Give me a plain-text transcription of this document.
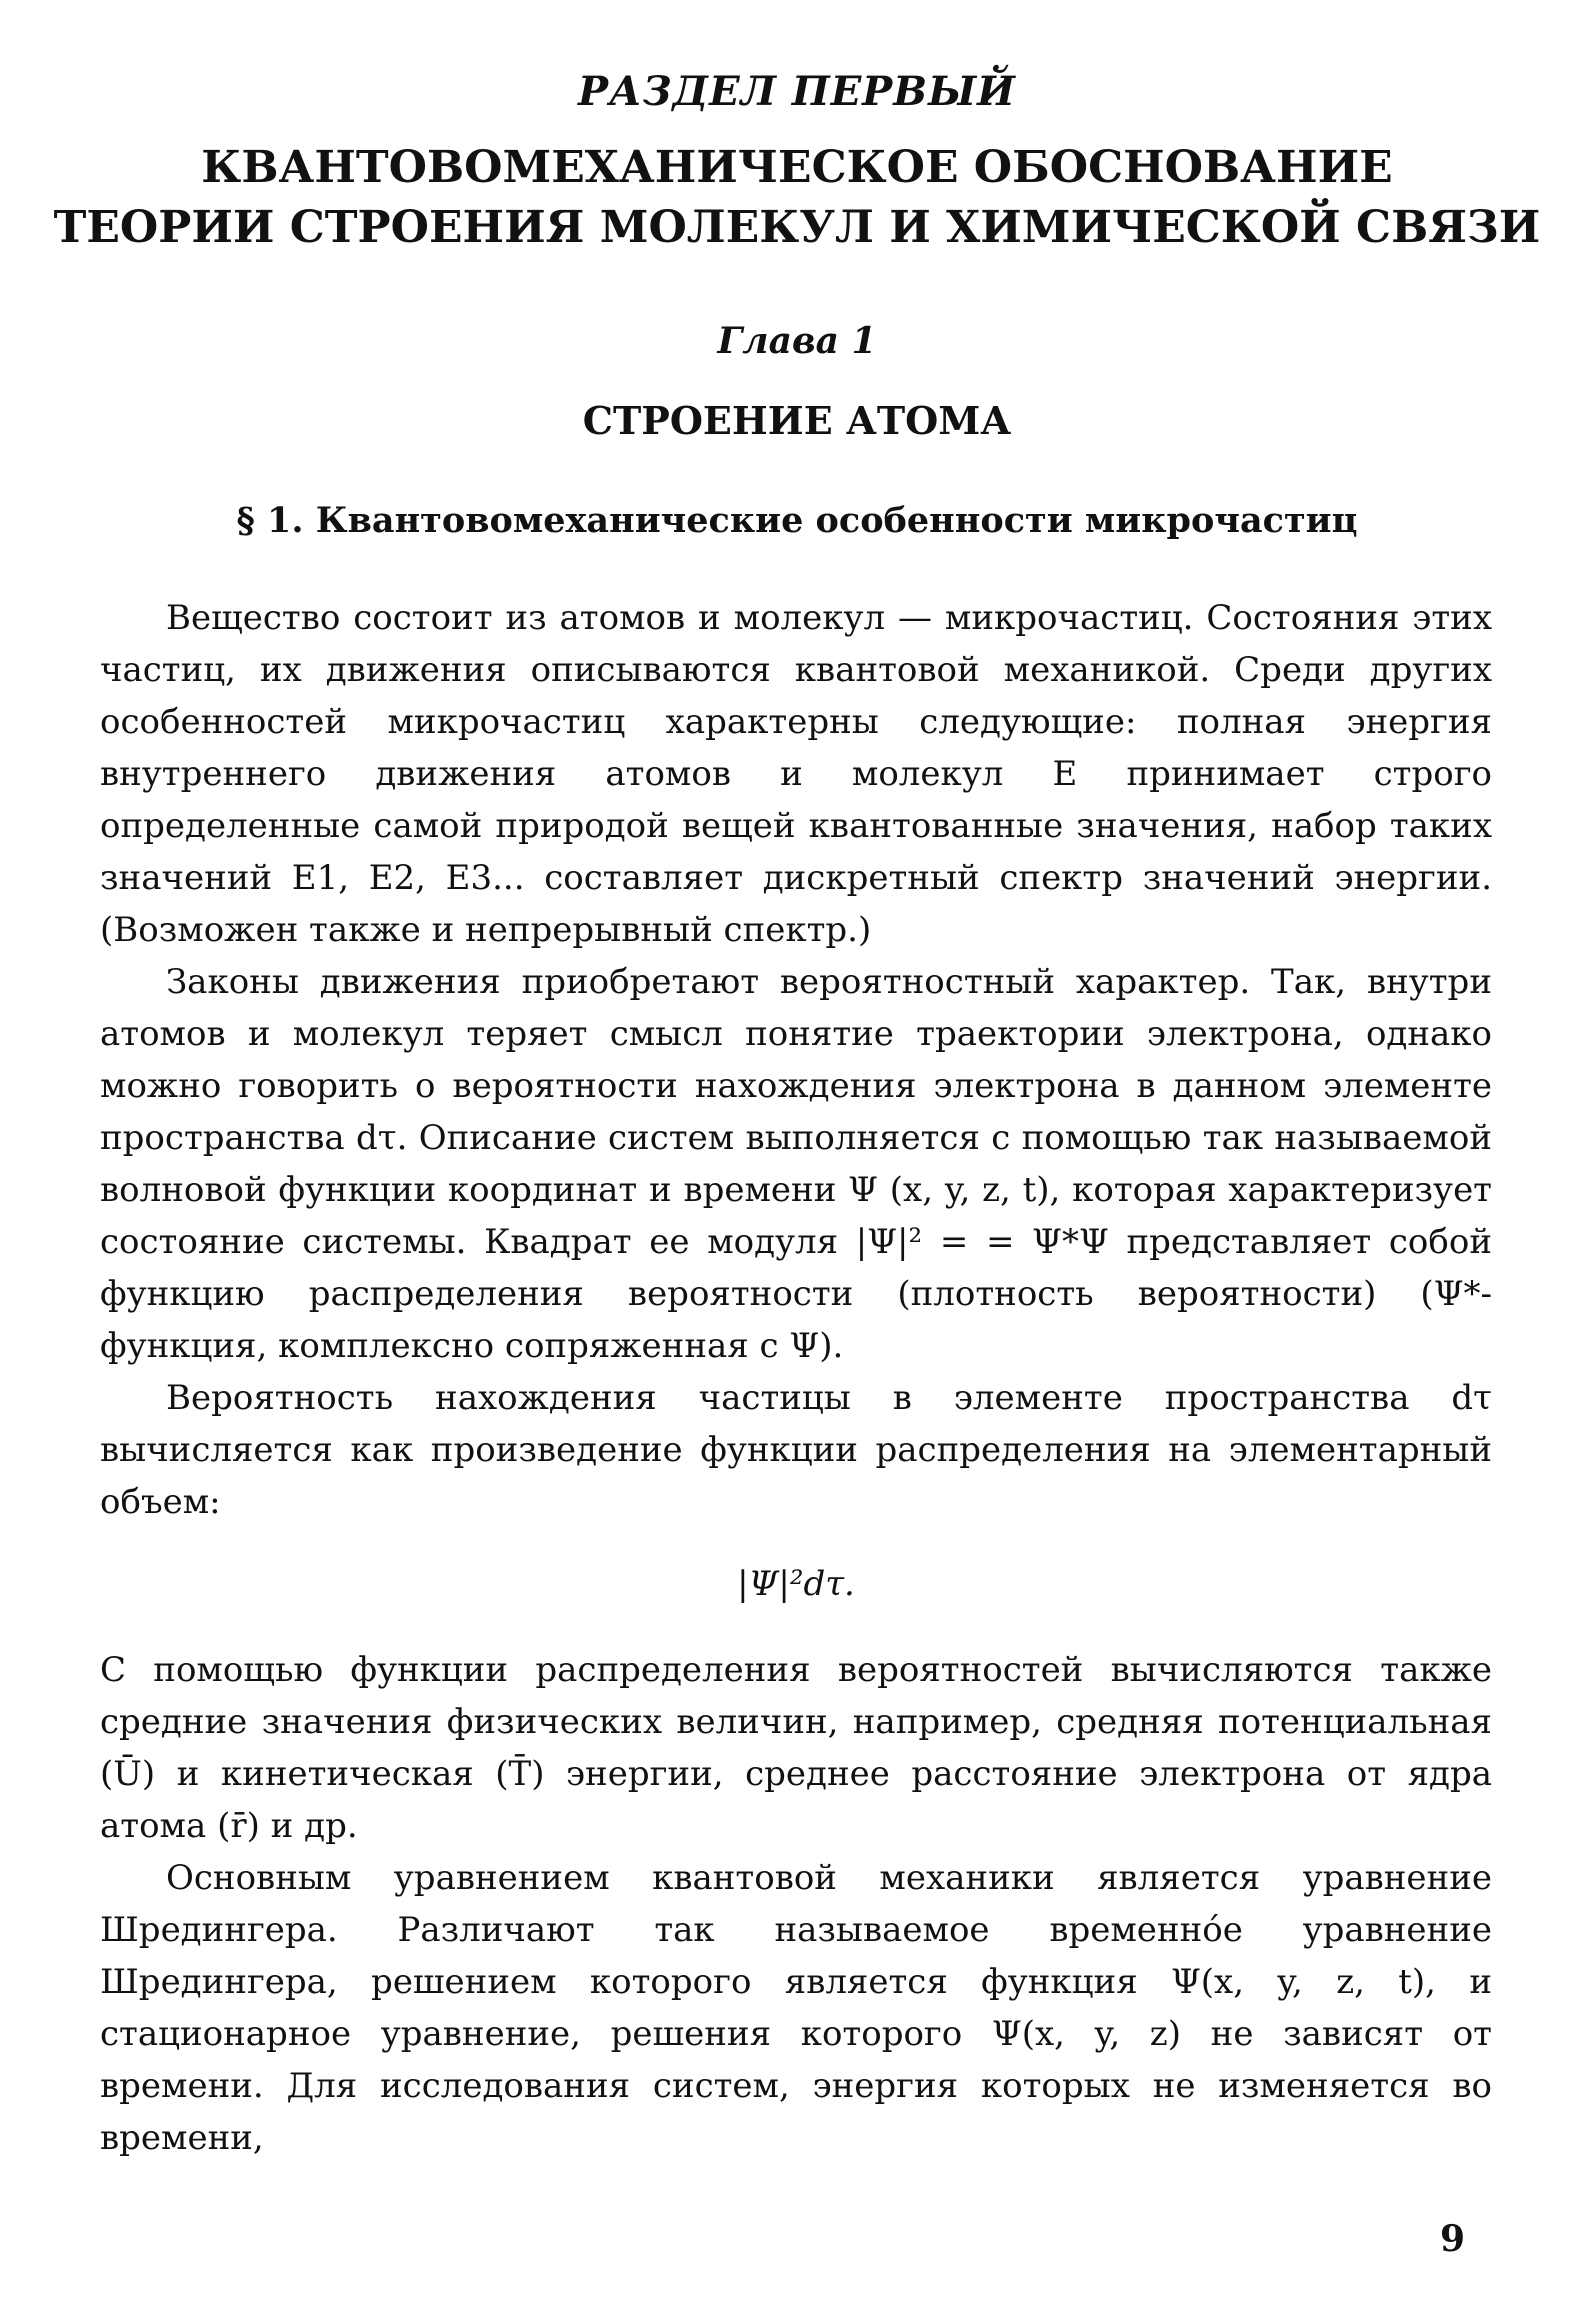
РАЗДЕЛ ПЕРВЫЙ
КВАНТОВОМЕХАНИЧЕСКОЕ ОБОСНОВАНИЕ
ТЕОРИИ СТРОЕНИЯ МОЛЕКУЛ И ХИМИЧЕСКОЙ СВЯЗИ
Глава 1
СТРОЕНИЕ АТОМА
§ 1. Квантовомеханические особенности микрочастиц

Вещество состоит из атомов и молекул — микрочастиц. Состояния этих частиц, их движения описываются квантовой механикой. Среди других особенностей микрочастиц характерны следующие: полная энергия внутреннего движения атомов и молекул E принимает строго определенные самой природой вещей квантованные значения, набор таких значений E1, E2, E3... составляет дискретный спектр значений энергии. (Возможен также и непрерывный спектр.)

Законы движения приобретают вероятностный характер. Так, внутри атомов и молекул теряет смысл понятие траектории электрона, однако можно говорить о вероятности нахождения электрона в данном элементе пространства dτ. Описание систем выполняется с помощью так называемой волновой функции координат и времени Ψ (x, y, z, t), которая характеризует состояние системы. Квадрат ее модуля |Ψ|² = = Ψ*Ψ представляет собой функцию распределения вероятности (плотность вероятности) (Ψ*-функция, комплексно сопряженная с Ψ).

Вероятность нахождения частицы в элементе пространства dτ вычисляется как произведение функции распределения на элементарный объем:

|Ψ|²dτ.

С помощью функции распределения вероятностей вычисляются также средние значения физических величин, например, средняя потенциальная (Ū) и кинетическая (T̄) энергии, среднее расстояние электрона от ядра атома (r̄) и др.

Основным уравнением квантовой механики является уравнение Шредингера. Различают так называемое временнóе уравнение Шредингера, решением которого является функция Ψ(x, y, z, t), и стационарное уравнение, решения которого Ψ(x, y, z) не зависят от времени. Для исследования систем, энергия которых не изменяется во времени,

9
